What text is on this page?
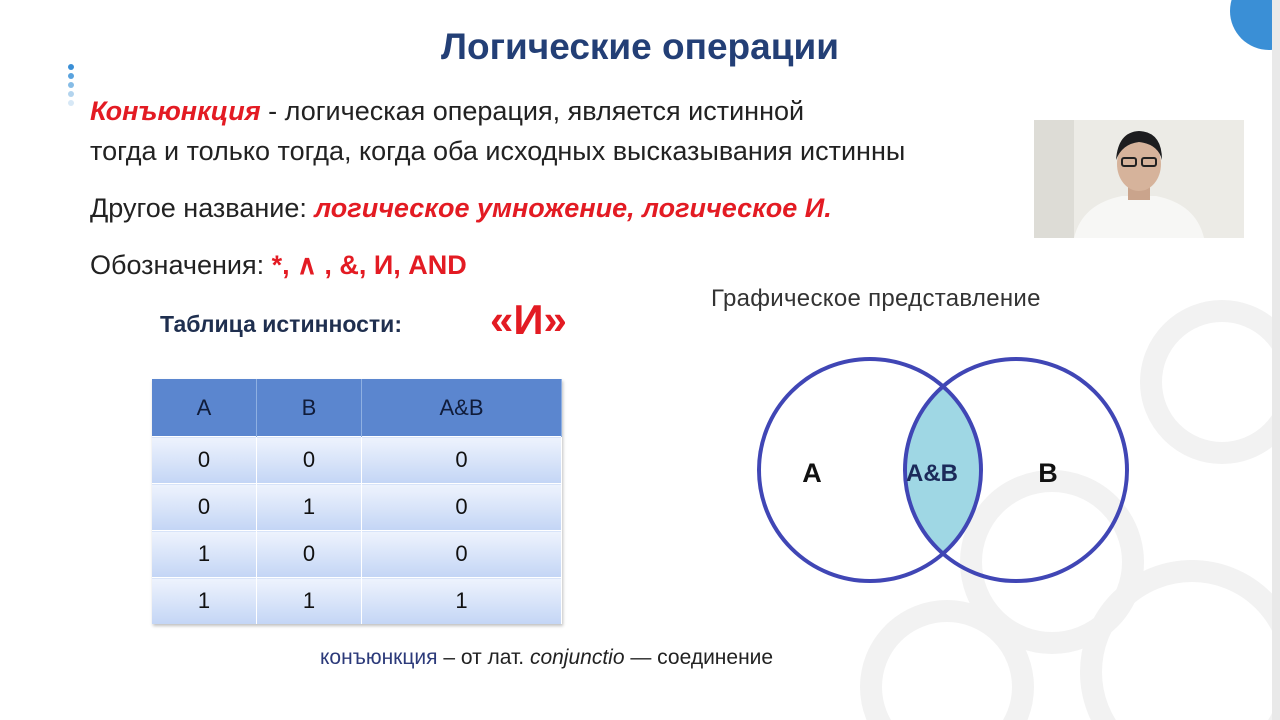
Логические операции
Конъюнкция - логическая операция, является истинной
тогда и только тогда, когда оба исходных высказывания истинны
Другое название: логическое умножение, логическое И.
Обозначения: *, ∧ , &, И, AND
Таблица истинности: «И»	Графическое представление
A	B	A&B
0	0	0
0	1	0
1	0	0
1	1	1
A	A&B	B
конъюнкция – от лат. conjunctio — соединение
